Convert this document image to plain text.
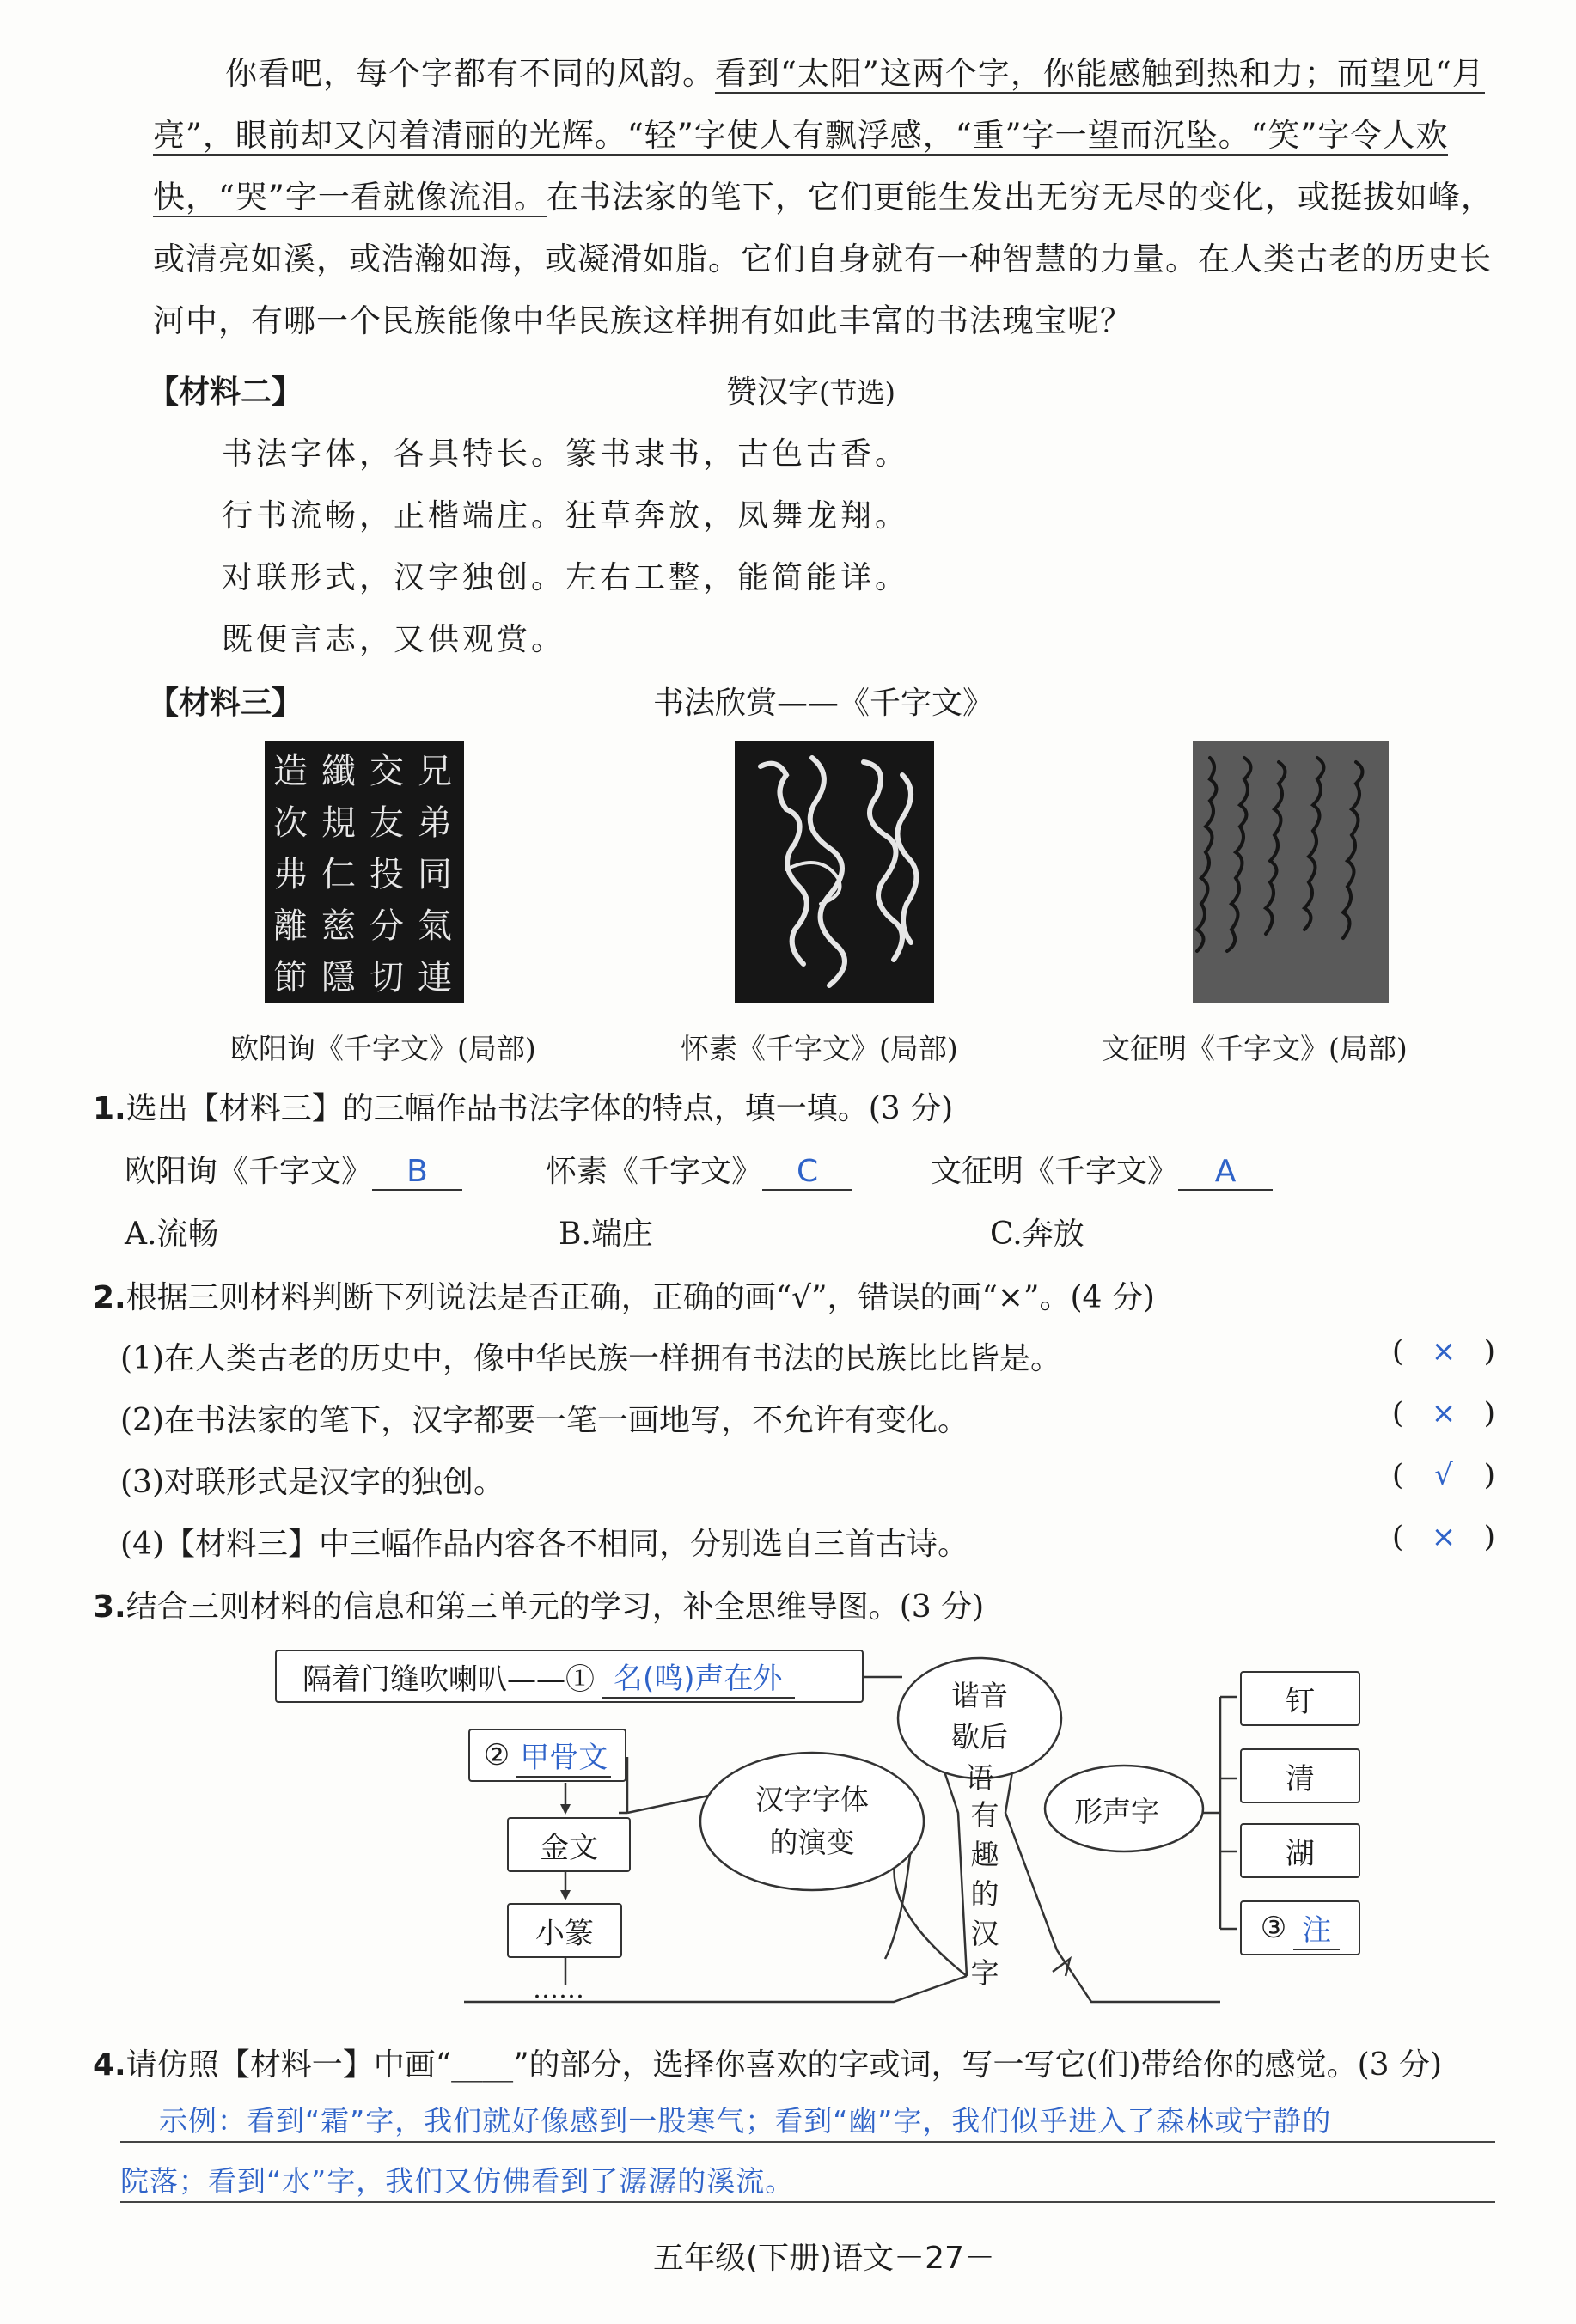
你看吧，每个字都有不同的风韵。看到“太阳”这两个字，你能感触到热和力；而望见“月亮”，眼前却又闪着清丽的光辉。“轻”字使人有飘浮感，“重”字一望而沉坠。“笑”字令人欢快，“哭”字一看就像流泪。在书法家的笔下，它们更能生发出无穷无尽的变化，或挺拔如峰，或清亮如溪，或浩瀚如海，或凝滑如脂。它们自身就有一种智慧的力量。在人类古老的历史长河中，有哪一个民族能像中华民族这样拥有如此丰富的书法瑰宝呢？
【材料二】	赞汉字(节选)
书法字体，各具特长。篆书隶书，古色古香。
行书流畅，正楷端庄。狂草奔放，凤舞龙翔。
对联形式，汉字独创。左右工整，能简能详。
既便言志，又供观赏。
【材料三】	书法欣赏——《千字文》
造
次
弗
離
節
纖
規
仁
慈
隱
交
友
投
分
切
兄
弟
同
氣
連
欧阳询《千字文》(局部)	怀素《千字文》(局部)	文征明《千字文》(局部)
1.选出【材料三】的三幅作品书法字体的特点，填一填。(3 分)
欧阳询《千字文》 B	怀素《千字文》 C	文征明《千字文》 A
A.流畅	B.端庄	C.奔放
2.根据三则材料判断下列说法是否正确，正确的画“√”，错误的画“×”。(4 分)
(1)在人类古老的历史中，像中华民族一样拥有书法的民族比比皆是。	( × )
(2)在书法家的笔下，汉字都要一笔一画地写，不允许有变化。	( × )
(3)对联形式是汉字的独创。	( √ )
(4)【材料三】中三幅作品内容各不相同，分别选自三首古诗。	( × )
3.结合三则材料的信息和第三单元的学习，补全思维导图。(3 分)
隔着门缝吹喇叭——① 名(鸣)声在外	谐音歇后语
汉字字体的演变
形声字
有趣的汉字
② 甲骨文
金文
小篆
……
钉
清
湖
③ 注
4.请仿照【材料一】中画“____”的部分，选择你喜欢的字或词，写一写它(们)带给你的感觉。(3 分)
示例：看到“霜”字，我们就好像感到一股寒气；看到“幽”字，我们似乎进入了森林或宁静的
院落；看到“水”字，我们又仿佛看到了潺潺的溪流。
五年级(下册)语文－27－
